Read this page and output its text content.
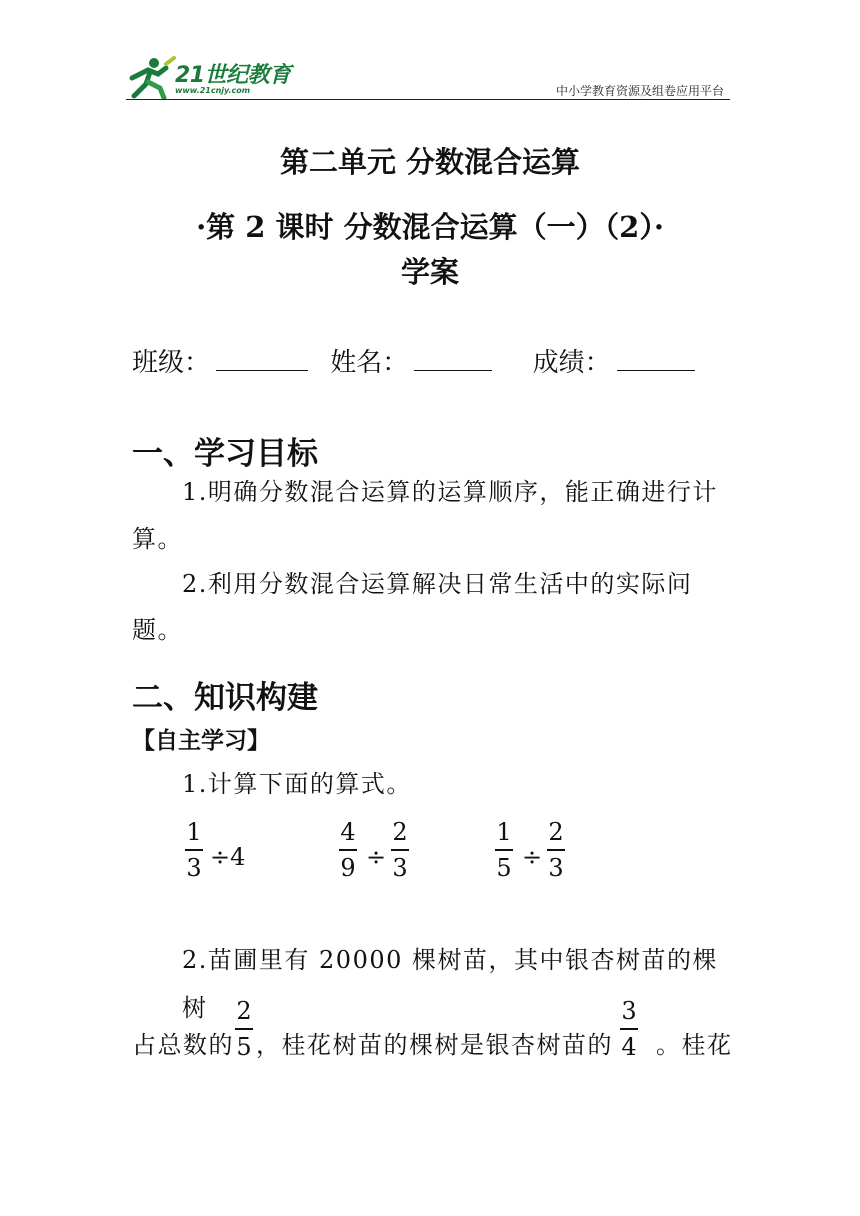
21世纪教育
www.21cnjy.com	中小学教育资源及组卷应用平台
第二单元 分数混合运算
·第 2 课时 分数混合运算（一）（2）·
学案
班级：	姓名：	成绩：
一、学习目标
1.明确分数混合运算的运算顺序，能正确进行计
算。
2.利用分数混合运算解决日常生活中的实际问
题。
二、知识构建
【自主学习】
1.计算下面的算式。
1
3 ÷4
4
9 ÷
2
3
1
5 ÷
2
3
2.苗圃里有 20000 棵树苗，其中银杏树苗的棵树
占总数的
2
5 ，桂花树苗的棵树是银杏树苗的
3
4 。桂花
